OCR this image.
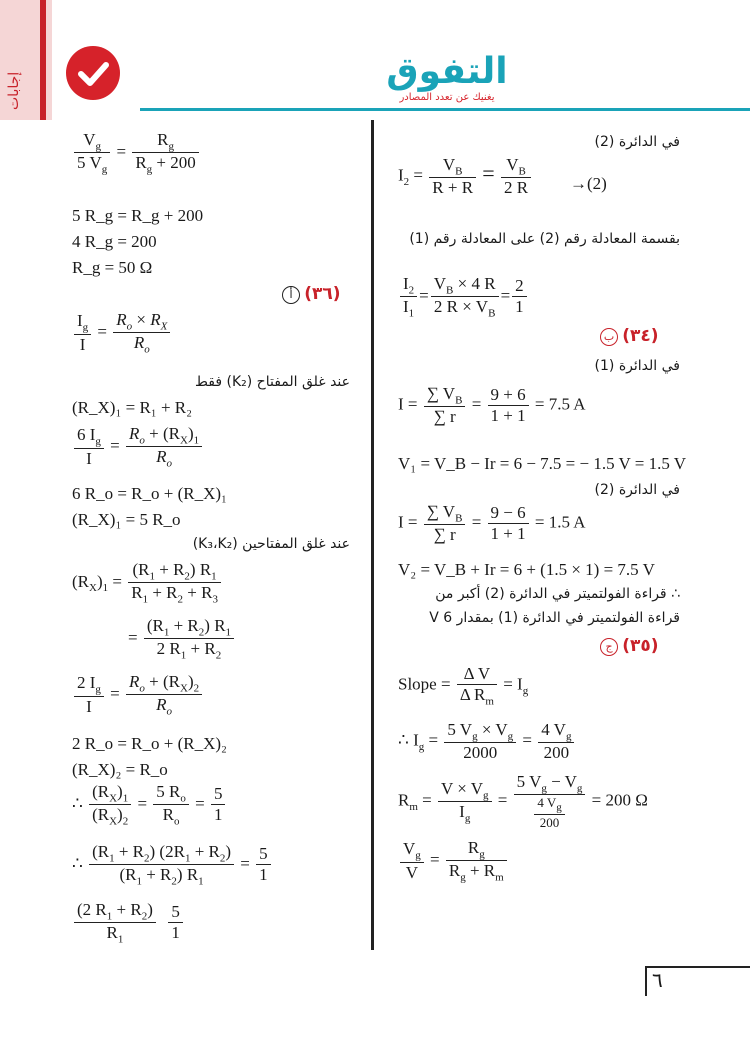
إجابات	التفوق
يغنيك عن تعدد المصادر
في الدائرة (2)
$I_2 = \frac{V_B}{R + R} = \frac{V_B}{2 R} \to(2)$
بقسمة المعادلة رقم (2) على المعادلة رقم (1)
$\frac{I_2}{I_1} = \frac{V_B \times 4 R}{2 R \times V_B} = \frac{2}{1}$
ب (٣٤)
في الدائرة (1)
$I = \frac{\sum V_B}{\sum r} = \frac{9 + 6}{1 + 1} = 7.5$ A
V₁ = V_B − Ir = 6 − 7.5 = − 1.5 V = 1.5 V
في الدائرة (2)
$I = \frac{\sum V_B}{\sum r} = \frac{9 - 6}{1 + 1} = 1.5$ A
V₂ = V_B + Ir = 6 + (1.5 × 1) = 7.5 V
∴ قراءة الفولتميتر في الدائرة (2) أكبر من
قراءة الفولتميتر في الدائرة (1) بمقدار 6 V
ج (٣٥)
Slope = $\frac{\text{Δ V}}{\Delta R_m} = I_g$
∴ $I_g = \frac{5 V_g \times V_g}{2000} = \frac{4 V_g}{200}$
$R_m = \frac{V \times V_g}{I_g} = \frac{5 V_g - V_g}{\frac{4 V_g}{200}} = 200$ Ω
$\frac{V_g}{V} = \frac{R_g}{R_g + R_m}$
$\frac{V_g}{5 V_g} = \frac{R_g}{R_g + 200}$
5 R_g = R_g + 200
4 R_g = 200
R_g = 50 Ω
أ (٣٦)
$\frac{I_g}{I} = \frac{R_o \times R_X}{R_o}$
عند غلق المفتاح (K₂) فقط
(R_X)₁ = R₁ + R₂
$\frac{6 I_g}{I} = \frac{R_o + (R_X)_1}{R_o}$
6 R_o = R_o + (R_X)₁
(R_X)₁ = 5 R_o
عند غلق المفتاحين (K₃،K₂)
$(R_X)_1 = \frac{(R_1 + R_2) R_1}{R_1 + R_2 + R_3}$
= $\frac{(R_1 + R_2) R_1}{2 R_1 + R_2}$
$\frac{2 I_g}{I} = \frac{R_o + (R_X)_2}{R_o}$
2 R_o = R_o + (R_X)₂
(R_X)₂ = R_o
∴ $\frac{(R_X)_1}{(R_X)_2} = \frac{5 R_o}{R_o} = \frac{5}{1}$
∴ $\frac{(R_1 + R_2) (2R_1 + R_2)}{(R_1 + R_2) R_1} = \frac{5}{1}$
$\frac{(2 R_1 + R_2)}{R_1}$
$\frac{5}{1}$
٦
